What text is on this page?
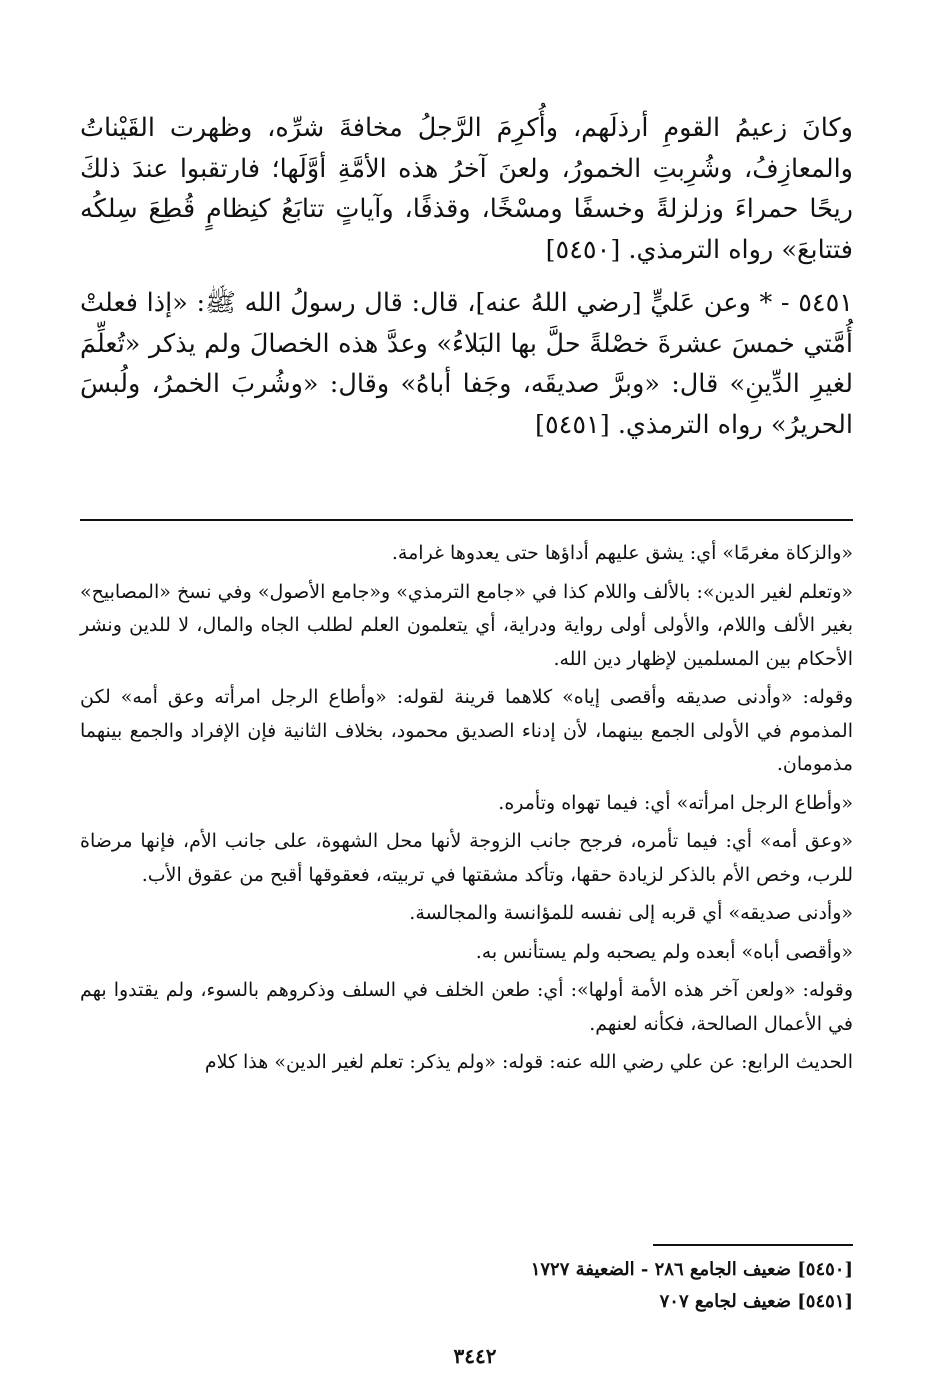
وكانَ زعيمُ القومِ أرذلَهم، وأُكرِمَ الرَّجلُ مخافةَ شرِّه، وظهرت القَيْناتُ والمعازِفُ، وشُرِبتِ الخمورُ، ولعنَ آخرُ هذه الأمَّةِ أوَّلَها؛ فارتقبوا عندَ ذلكَ ريحًا حمراءَ وزلزلةً وخسفًا ومسْخًا، وقذفًا، وآياتٍ تتابَعُ كنِظامٍ قُطِعَ سِلكُه فتتابعَ» رواه الترمذي. [٥٤٥٠]

٥٤٥١ - * وعن عَليٍّ [رضي اللهُ عنه]، قال: قال رسولُ الله ﷺ: «إذا فعلتْ أُمَّتي خمسَ عشرةَ خصْلةً حلَّ بها البَلاءُ» وعدَّ هذه الخصالَ ولم يذكر «تُعلِّمَ لغيرِ الدِّينِ» قال: «وبرَّ صديقَه، وجَفا أباهُ» وقال: «وشُربَ الخمرُ، ولُبسَ الحريرُ» رواه الترمذي. [٥٤٥١]

«والزكاة مغرمًا» أي: يشق عليهم أداؤها حتى يعدوها غرامة.

«وتعلم لغير الدين»: بالألف واللام كذا في «جامع الترمذي» و«جامع الأصول» وفي نسخ «المصابيح» بغير الألف واللام، والأولى أولى رواية ودراية، أي يتعلمون العلم لطلب الجاه والمال، لا للدين ونشر الأحكام بين المسلمين لإظهار دين الله.

وقوله: «وأدنى صديقه وأقصى إياه» كلاهما قرينة لقوله: «وأطاع الرجل امرأته وعق أمه» لكن المذموم في الأولى الجمع بينهما، لأن إدناء الصديق محمود، بخلاف الثانية فإن الإفراد والجمع بينهما مذمومان.

«وأطاع الرجل امرأته» أي: فيما تهواه وتأمره.

«وعق أمه» أي: فيما تأمره، فرجح جانب الزوجة لأنها محل الشهوة، على جانب الأم، فإنها مرضاة للرب، وخص الأم بالذكر لزيادة حقها، وتأكد مشقتها في تربيته، فعقوقها أقبح من عقوق الأب.

«وأدنى صديقه» أي قربه إلى نفسه للمؤانسة والمجالسة.

«وأقصى أباه» أبعده ولم يصحبه ولم يستأنس به.

وقوله: «ولعن آخر هذه الأمة أولها»: أي: طعن الخلف في السلف وذكروهم بالسوء، ولم يقتدوا بهم في الأعمال الصالحة، فكأنه لعنهم.

الحديث الرابع: عن علي رضي الله عنه: قوله: «ولم يذكر: تعلم لغير الدين» هذا كلام

[٥٤٥٠] ضعيف الجامع ٢٨٦ - الضعيفة ١٧٢٧
[٥٤٥١] ضعيف لجامع ٧٠٧
٣٤٤٢
